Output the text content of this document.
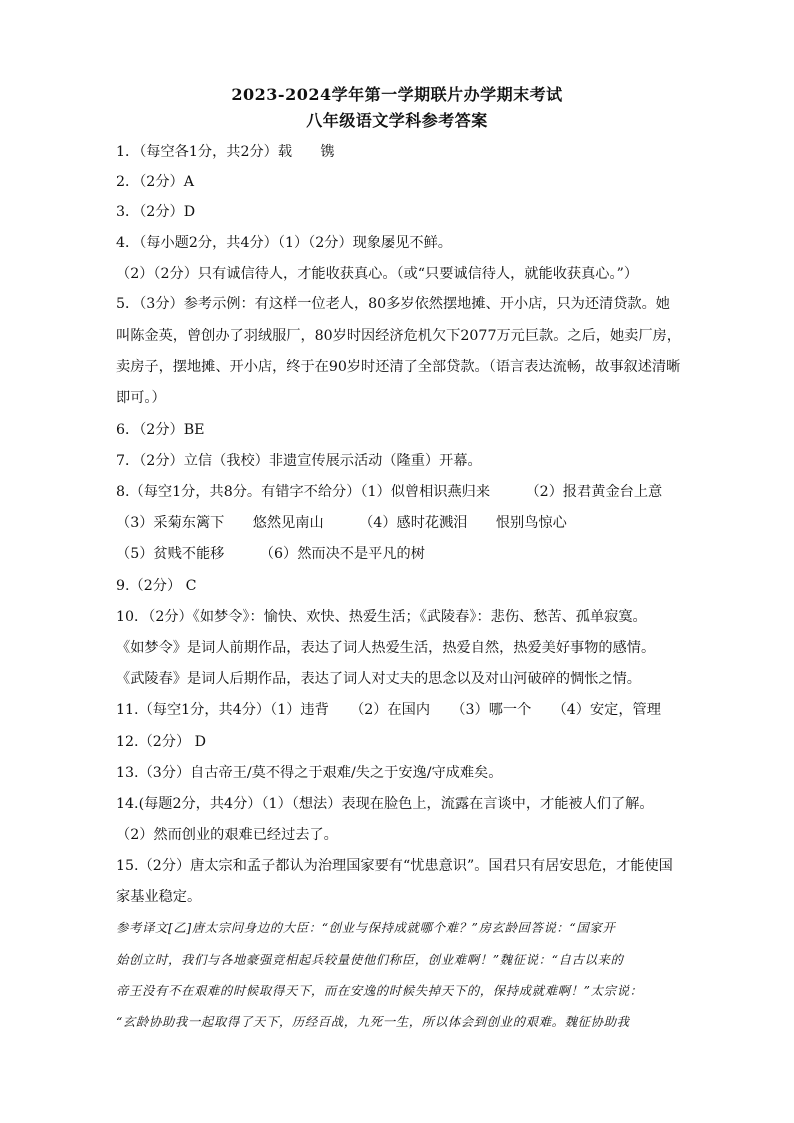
2023-2024学年第一学期联片办学期末考试
八年级语文学科参考答案
1．（每空各1分，共2分）载　　镌
2．（2分）A
3．（2分）D
4．（每小题2分，共4分）（1）（2分）现象屡见不鲜。
（2）（2分）只有诚信待人，才能收获真心。（或“只要诚信待人，就能收获真心。”）
5．（3分）参考示例：有这样一位老人，80多岁依然摆地摊、开小店，只为还清贷款。她
叫陈金英，曾创办了羽绒服厂，80岁时因经济危机欠下2077万元巨款。之后，她卖厂房，
卖房子，摆地摊、开小店，终于在90岁时还清了全部贷款。（语言表达流畅，故事叙述清晰
即可。）
6．（2分）BE
7．（2分）立信（我校）非遗宣传展示活动（隆重）开幕。
8.（每空1分，共8分。有错字不给分）（1）似曾相识燕归来　　　（2）报君黄金台上意
（3）采菊东篱下　　悠然见南山　　　（4）感时花溅泪　　恨别鸟惊心
（5）贫贱不能移　　　（6）然而决不是平凡的树
9.（2分） C
10．（2分）《如梦令》：愉快、欢快、热爱生活；《武陵春》：悲伤、愁苦、孤单寂寞。
《如梦令》是词人前期作品，表达了词人热爱生活，热爱自然，热爱美好事物的感情。
《武陵春》是词人后期作品，表达了词人对丈夫的思念以及对山河破碎的惆怅之情。
11.（每空1分，共4分）（1）违背　　（2）在国内　　（3）哪一个　　（4）安定，管理
12.（2分） D
13.（3分）自古帝王/莫不得之于艰难/失之于安逸/守成难矣。
14.(每题2分，共4分）（1）（想法）表现在脸色上，流露在言谈中，才能被人们了解。
（2）然而创业的艰难已经过去了。
15.（2分）唐太宗和孟子都认为治理国家要有“忧患意识”。国君只有居安思危，才能使国
家基业稳定。
参考译文[乙]唐太宗问身边的大臣：“创业与保持成就哪个难？”房玄龄回答说：“国家开
始创立时，我们与各地豪强竞相起兵较量使他们称臣，创业难啊！”魏征说：“自古以来的
帝王没有不在艰难的时候取得天下，而在安逸的时候失掉天下的，保持成就难啊！”太宗说：
“玄龄协助我一起取得了天下，历经百战，九死一生，所以体会到创业的艰难。魏征协助我
